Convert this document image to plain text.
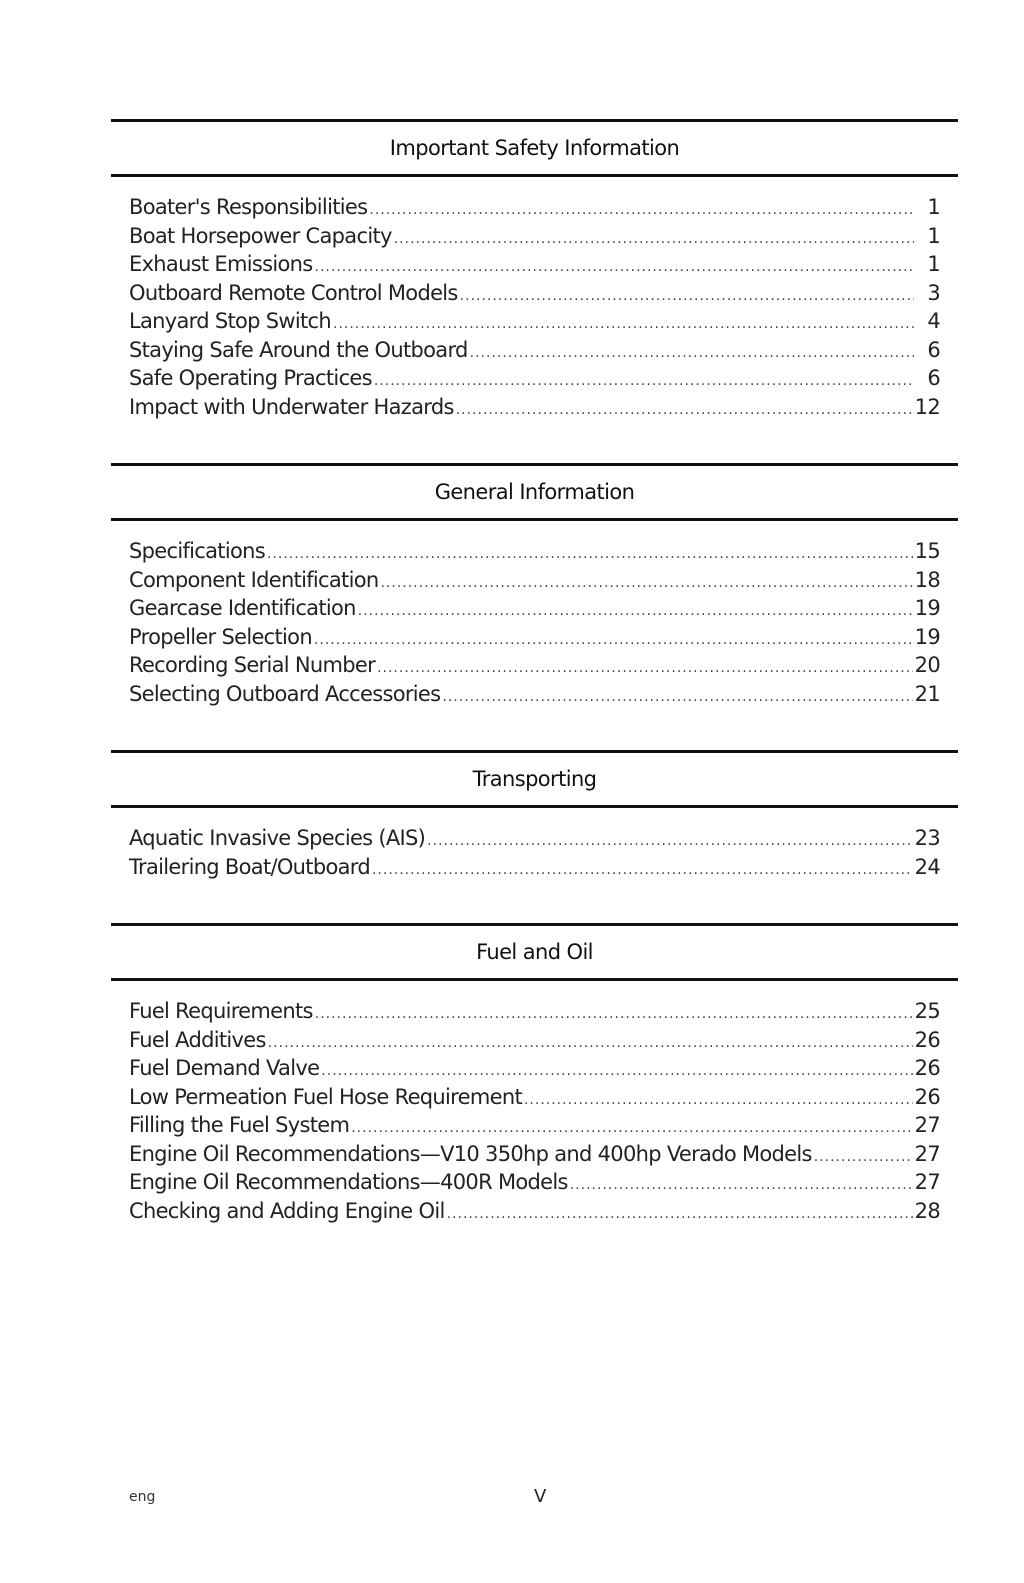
Important Safety Information
Boater's Responsibilities .....	1
Boat Horsepower Capacity .....	1
Exhaust Emissions .....	1
Outboard Remote Control Models .....	3
Lanyard Stop Switch .....	4
Staying Safe Around the Outboard .....	6
Safe Operating Practices .....	6
Impact with Underwater Hazards .....	12
General Information
Specifications .....	15
Component Identification .....	18
Gearcase Identification .....	19
Propeller Selection .....	19
Recording Serial Number .....	20
Selecting Outboard Accessories .....	21
Transporting
Aquatic Invasive Species (AIS) .....	23
Trailering Boat/Outboard .....	24
Fuel and Oil
Fuel Requirements .....	25
Fuel Additives .....	26
Fuel Demand Valve .....	26
Low Permeation Fuel Hose Requirement .....	26
Filling the Fuel System .....	27
Engine Oil Recommendations—V10 350hp and 400hp Verado Models .....	27
Engine Oil Recommendations—400R Models .....	27
Checking and Adding Engine Oil .....	28
eng	V
